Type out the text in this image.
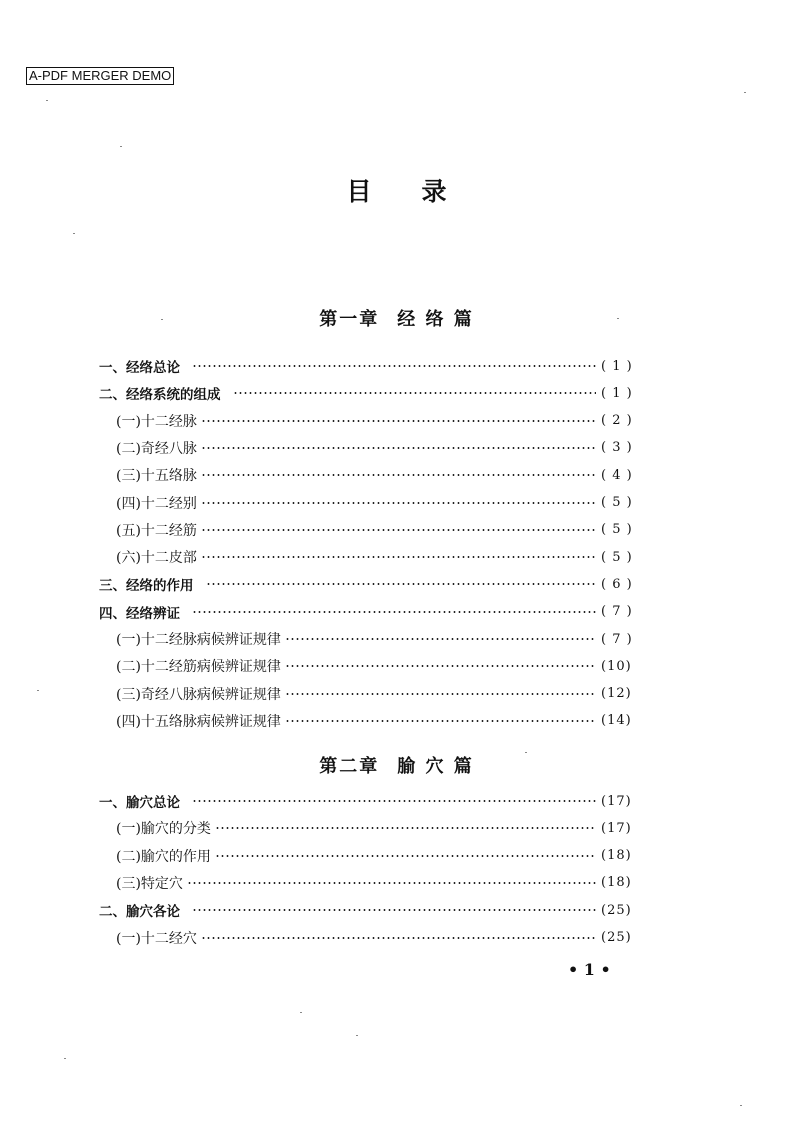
A-PDF MERGER DEMO
目录
第一章 经 络 篇
一、经络总论	( 1 )
二、经络系统的组成	( 1 )
(一)十二经脉	( 2 )
(二)奇经八脉	( 3 )
(三)十五络脉	( 4 )
(四)十二经别	( 5 )
(五)十二经筋	( 5 )
(六)十二皮部	( 5 )
三、经络的作用	( 6 )
四、经络辨证	( 7 )
(一)十二经脉病候辨证规律	( 7 )
(二)十二经筋病候辨证规律	(10)
(三)奇经八脉病候辨证规律	(12)
(四)十五络脉病候辨证规律	(14)
第二章 腧 穴 篇
一、腧穴总论	(17)
(一)腧穴的分类	(17)
(二)腧穴的作用	(18)
(三)特定穴	(18)
二、腧穴各论	(25)
(一)十二经穴	(25)
• 1 •
